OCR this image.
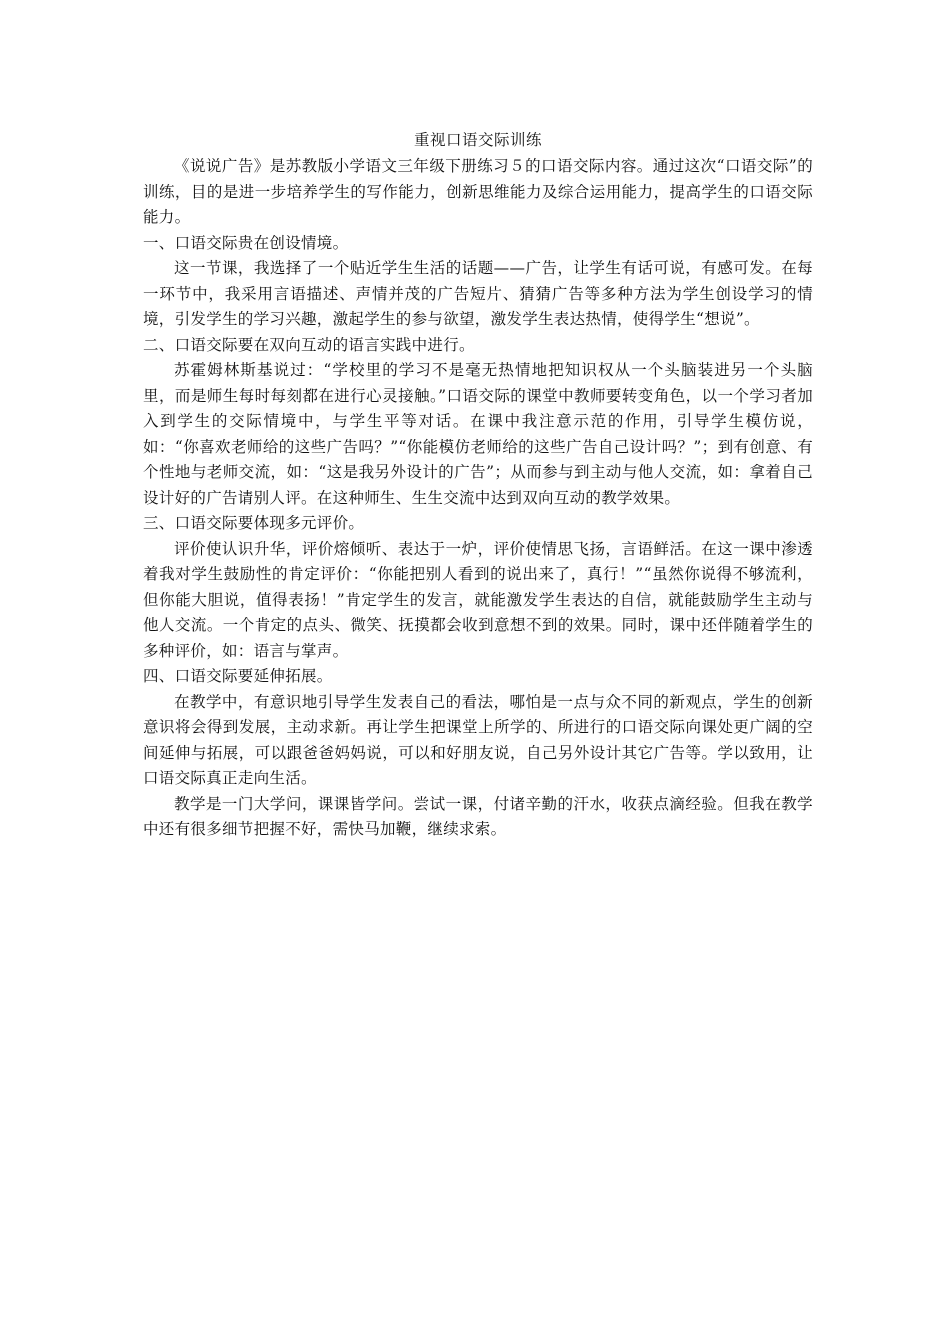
重视口语交际训练

《说说广告》是苏教版小学语文三年级下册练习５的口语交际内容。通过这次“口语交际”的训练，目的是进一步培养学生的写作能力，创新思维能力及综合运用能力，提高学生的口语交际能力。

一、口语交际贵在创设情境。

这一节课，我选择了一个贴近学生生活的话题——广告，让学生有话可说，有感可发。在每一环节中，我采用言语描述、声情并茂的广告短片、猜猜广告等多种方法为学生创设学习的情境，引发学生的学习兴趣，激起学生的参与欲望，激发学生表达热情，使得学生“想说”。

二、口语交际要在双向互动的语言实践中进行。

苏霍姆林斯基说过：“学校里的学习不是毫无热情地把知识权从一个头脑装进另一个头脑里，而是师生每时每刻都在进行心灵接触。”口语交际的课堂中教师要转变角色，以一个学习者加入到学生的交际情境中，与学生平等对话。在课中我注意示范的作用，引导学生模仿说，如：“你喜欢老师给的这些广告吗？”“你能模仿老师给的这些广告自己设计吗？”；到有创意、有个性地与老师交流，如：“这是我另外设计的广告”；从而参与到主动与他人交流，如：拿着自己设计好的广告请别人评。在这种师生、生生交流中达到双向互动的教学效果。

三、口语交际要体现多元评价。

评价使认识升华，评价熔倾听、表达于一炉，评价使情思飞扬，言语鲜活。在这一课中渗透着我对学生鼓励性的肯定评价：“你能把别人看到的说出来了，真行！”“虽然你说得不够流利，但你能大胆说，值得表扬！”肯定学生的发言，就能激发学生表达的自信，就能鼓励学生主动与他人交流。一个肯定的点头、微笑、抚摸都会收到意想不到的效果。同时，课中还伴随着学生的多种评价，如：语言与掌声。

四、口语交际要延伸拓展。

在教学中，有意识地引导学生发表自己的看法，哪怕是一点与众不同的新观点，学生的创新意识将会得到发展，主动求新。再让学生把课堂上所学的、所进行的口语交际向课处更广阔的空间延伸与拓展，可以跟爸爸妈妈说，可以和好朋友说，自己另外设计其它广告等。学以致用，让口语交际真正走向生活。

教学是一门大学问，课课皆学问。尝试一课，付诸辛勤的汗水，收获点滴经验。但我在教学中还有很多细节把握不好，需快马加鞭，继续求索。
